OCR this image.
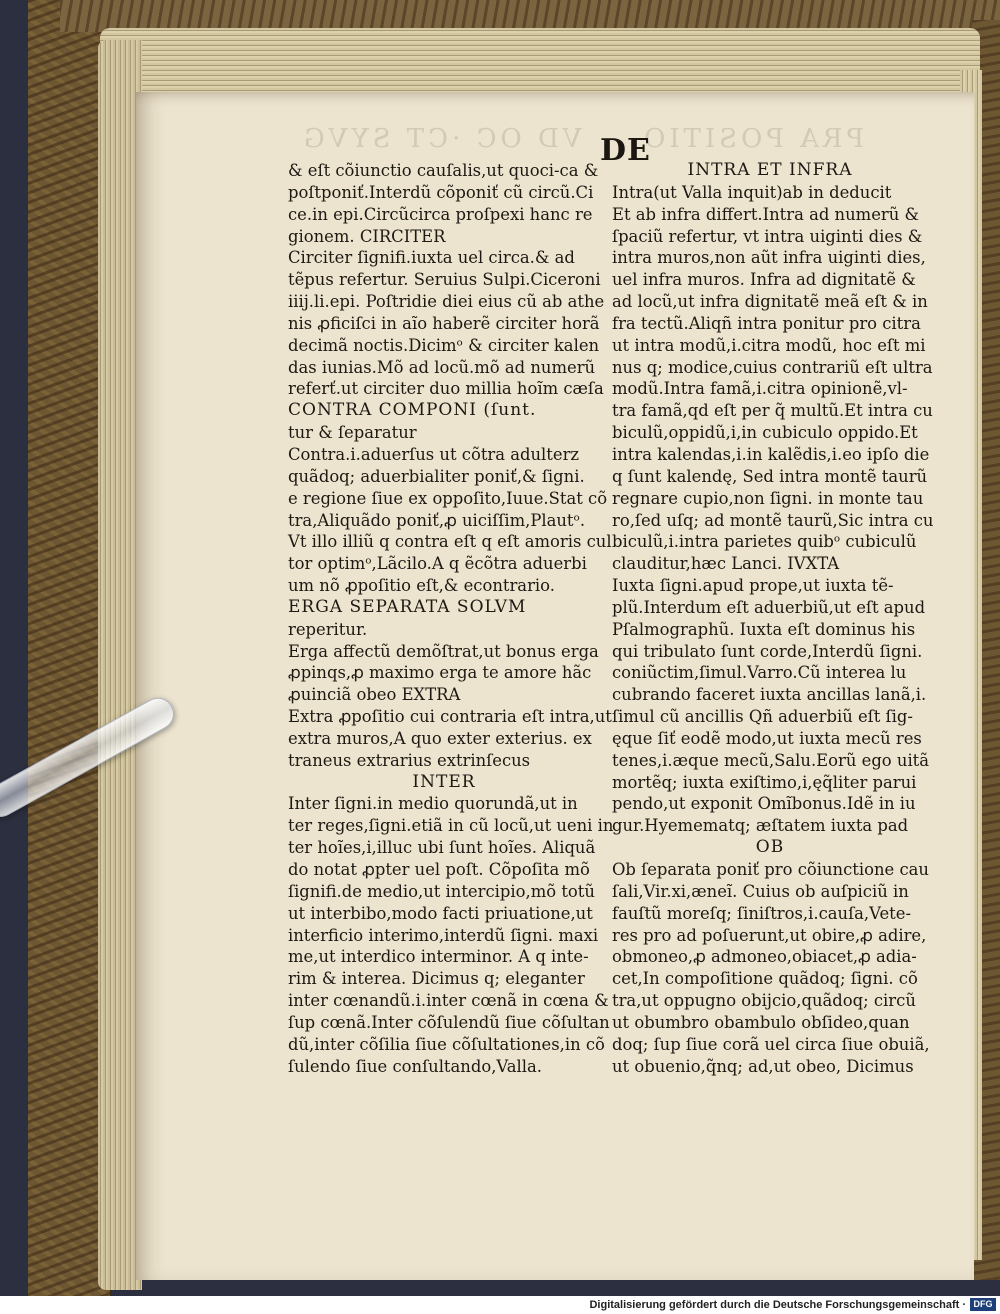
VD OC ·CT SYVG PRA POSITIO
DE
& eſt cõiunctio cauſalis,ut quoci-ca &
poſtponiť.Interdũ cõponiť cũ circũ.Ci
ce.in epi.Circũcirca proſpexi hanc re
gionem. CIRCITER
Circiter ſignifi.iuxta uel circa.& ad
tẽpus refertur. Seruius Sulpi.Ciceroni
iiij.li.epi. Poſtridie diei eius cũ ab athe
nis ꝓficiſci in aĩo haberẽ circiter horã
decimã noctis.Dicimᵒ & circiter kalen
das iunias.Mõ ad locũ.mõ ad numerũ
referť.ut circiter duo millia hoĩm cæſa
CONTRA COMPONI (ſunt.
tur & ſeparatur
Contra.i.aduerſus ut cõtra adulterz
quãdoq; aduerbialiter poniť,& ſigni.
e regione ſiue ex oppoſito,Iuue.Stat cõ
tra,Aliquãdo poniť,ꝓ uiciſſim,Plautᵒ.
Vt illo illiũ q contra eſt q eſt amoris cul
tor optimᵒ,Lãcilo.A q ẽcõtra aduerbi
um nõ ꝓpoſitio eſt,& econtrario.
ERGA SEPARATA SOLVM
reperitur.
Erga affectũ demõſtrat,ut bonus erga
ꝓpinqs,ꝓ maximo erga te amore hãc
ꝓuinciã obeo EXTRA
Extra ꝓpoſitio cui contraria eſt intra,ut
extra muros,A quo exter exterius. ex
traneus extrarius extrinſecus
INTER
Inter ſigni.in medio quorundã,ut in
ter reges,ſigni.etiã in cũ locũ,ut ueni in
ter hoĩes,i,illuc ubi ſunt hoĩes. Aliquã
do notat ꝓpter uel poſt. Cõpoſita mõ
ſignifi.de medio,ut intercipio,mõ totũ
ut interbibo,modo facti priuatione,ut
interficio interimo,interdũ ſigni. maxi
me,ut interdico interminor. A q inte-
rim & interea. Dicimus q; eleganter
inter cœnandũ.i.inter cœnã in cœna &
ſup cœnã.Inter cõſulendũ ſiue cõſultan
dũ,inter cõſilia ſiue cõſultationes,in cõ
ſulendo ſiue conſultando,Valla.
INTRA ET INFRA
Intra(ut Valla inquit)ab in deducit
Et ab infra differt.Intra ad numerũ &
ſpaciũ refertur, vt intra uiginti dies &
intra muros,non aũt infra uiginti dies,
uel infra muros. Infra ad dignitatẽ &
ad locũ,ut infra dignitatẽ meã eſt & in
fra tectũ.Aliqñ intra ponitur pro citra
ut intra modũ,i.citra modũ, hoc eſt mi
nus q; modice,cuius contrariũ eſt ultra
modũ.Intra famã,i.citra opinionẽ,vl-
tra famã,qd eſt per q̃ multũ.Et intra cu
biculũ,oppidũ,i,in cubiculo oppido.Et
intra kalendas,i.in kalẽdis,i.eo ipſo die
q ſunt kalendę, Sed intra montẽ taurũ
regnare cupio,non ſigni. in monte tau
ro,ſed uſq; ad montẽ taurũ,Sic intra cu
biculũ,i.intra parietes quibᵒ cubiculũ
clauditur,hæc Lanci. IVXTA
Iuxta ſigni.apud prope,ut iuxta tẽ-
plũ.Interdum eſt aduerbiũ,ut eſt apud
Pſalmographũ. Iuxta eſt dominus his
qui tribulato ſunt corde,Interdũ ſigni.
coniũctim,ſimul.Varro.Cũ interea lu
cubrando faceret iuxta ancillas lanã,i.
ſimul cũ ancillis Qñ aduerbiũ eſt ſig-
ęque ſiť eodẽ modo,ut iuxta mecũ res
tenes,i.æque mecũ,Salu.Eorũ ego uitã
mortẽq; iuxta exiſtimo,i,ęq̃liter parui
pendo,ut exponit Omĩbonus.Idẽ in iu
gur.Hyemematq; æſtatem iuxta pad
OB
Ob ſeparata poniť pro cõiunctione cau
ſali,Vir.xi,æneĩ. Cuius ob auſpiciũ in
fauſtũ moreſq; ſiniſtros,i.cauſa,Vete-
res pro ad poſuerunt,ut obire,ꝓ adire,
obmoneo,ꝓ admoneo,obiacet,ꝓ adia-
cet,In compoſitione quãdoq; ſigni. cõ
tra,ut oppugno obijcio,quãdoq; circũ
ut obumbro obambulo obſideo,quan
doq; ſup ſiue corã uel circa ſiue obuiã,
ut obuenio,q̃nq; ad,ut obeo, Dicimus
Digitalisierung gefördert durch die Deutsche Forschungsgemeinschaft · DFG
